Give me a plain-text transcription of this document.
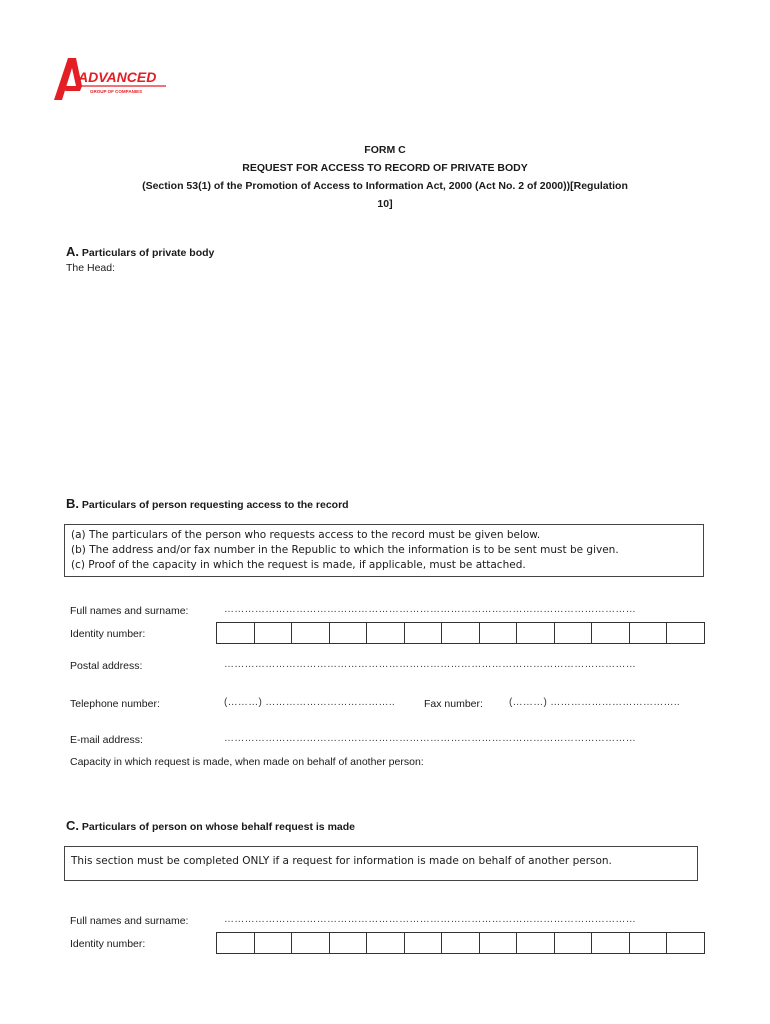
ADVANCED
GROUP OF COMPANIES
FORM C
REQUEST FOR ACCESS TO RECORD OF PRIVATE BODY
(Section 53(1) of the Promotion of Access to Information Act, 2000 (Act No. 2 of 2000))[Regulation
10]
A. Particulars of private body
The Head:
B. Particulars of person requesting access to the record
(a) The particulars of the person who requests access to the record must be given below.
(b) The address and/or fax number in the Republic to which the information is to be sent must be given.
(c) Proof of the capacity in which the request is made, if applicable, must be attached.
Full names and surname:	…………………………………………………………………………………………………………
Identity number:
Postal address:	…………………………………………………………………………………………………………
Telephone number:	(………) ………………………………..	Fax number:	(………) ………………………………..
E-mail address:	…………………………………………………………………………………………………………
Capacity in which request is made, when made on behalf of another person:
C. Particulars of person on whose behalf request is made
This section must be completed ONLY if a request for information is made on behalf of another person.
Full names and surname:	…………………………………………………………………………………………………………
Identity number:
